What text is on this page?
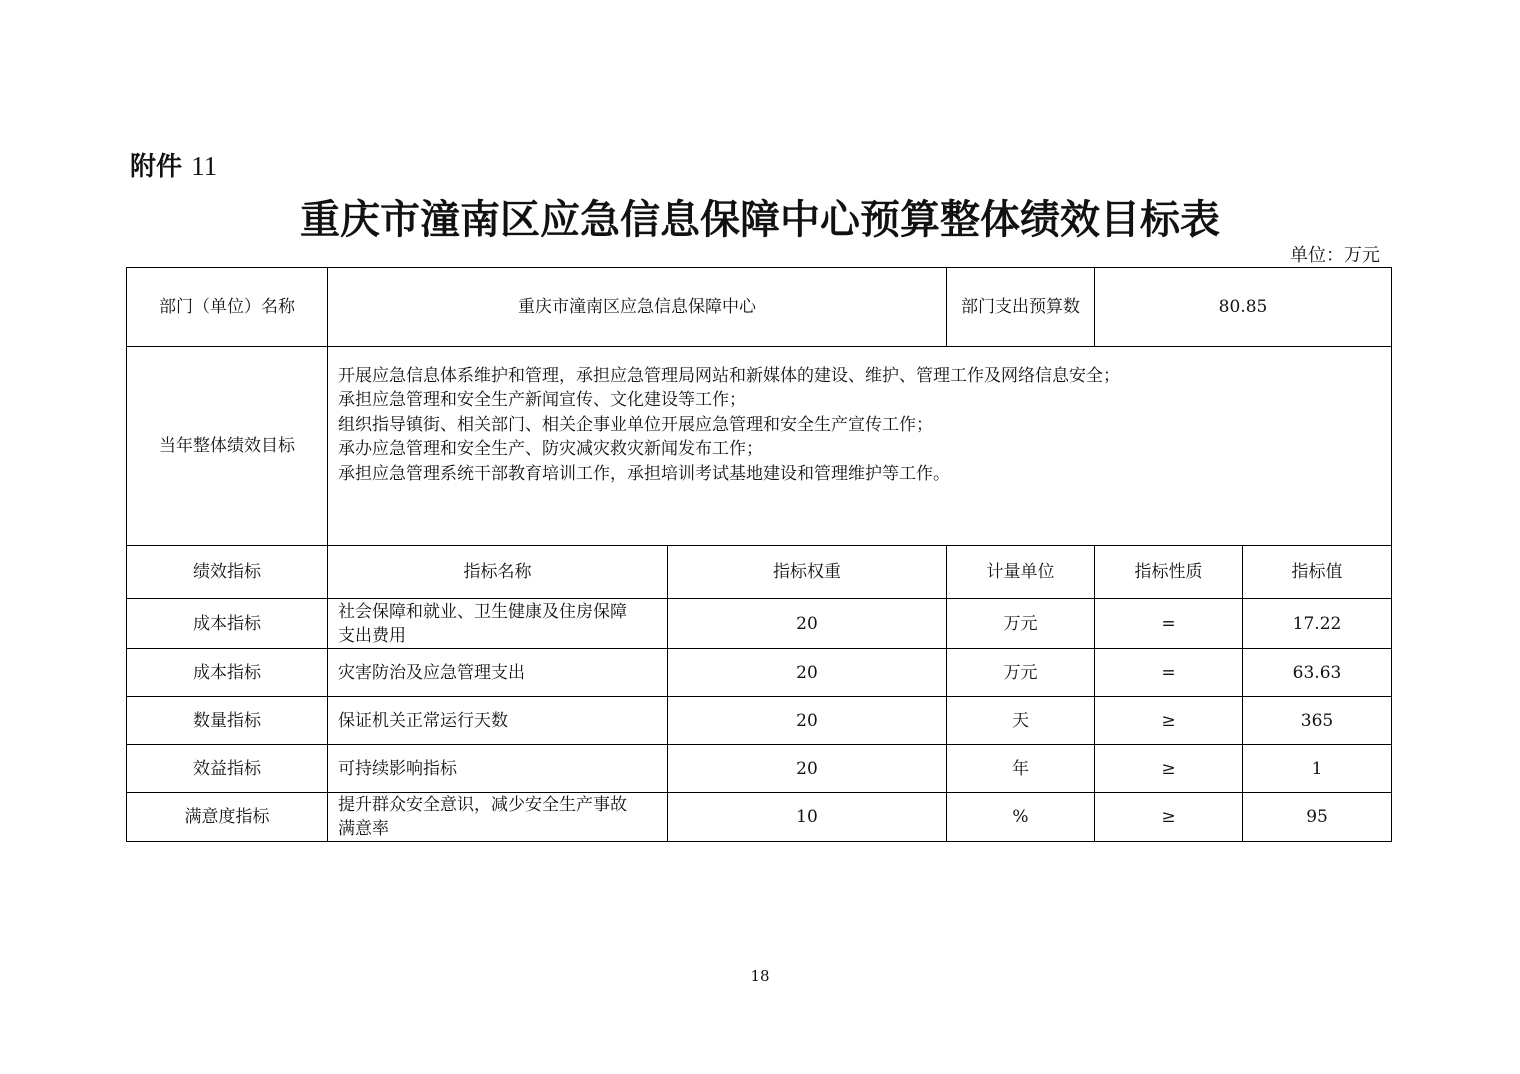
附件 11
重庆市潼南区应急信息保障中心预算整体绩效目标表
单位：万元
部门（单位）名称	重庆市潼南区应急信息保障中心		部门支出预算数	80.85	
当年整体绩效目标	开展应急信息体系维护和管理，承担应急管理局网站和新媒体的建设、维护、管理工作及网络信息安全；
承担应急管理和安全生产新闻宣传、文化建设等工作；
组织指导镇街、相关部门、相关企事业单位开展应急管理和安全生产宣传工作；
承办应急管理和安全生产、防灾减灾救灾新闻发布工作；
承担应急管理系统干部教育培训工作，承担培训考试基地建设和管理维护等工作。				

绩效指标	指标名称	指标权重	计量单位	指标性质	指标值
成本指标	社会保障和就业、卫生健康及住房保障
支出费用	20	万元	=	17.22
成本指标	灾害防治及应急管理支出	20	万元	=	63.63
数量指标	保证机关正常运行天数	20	天	≥	365
效益指标	可持续影响指标	20	年	≥	1
满意度指标	提升群众安全意识，减少安全生产事故
满意率	10	%	≥	95
18
